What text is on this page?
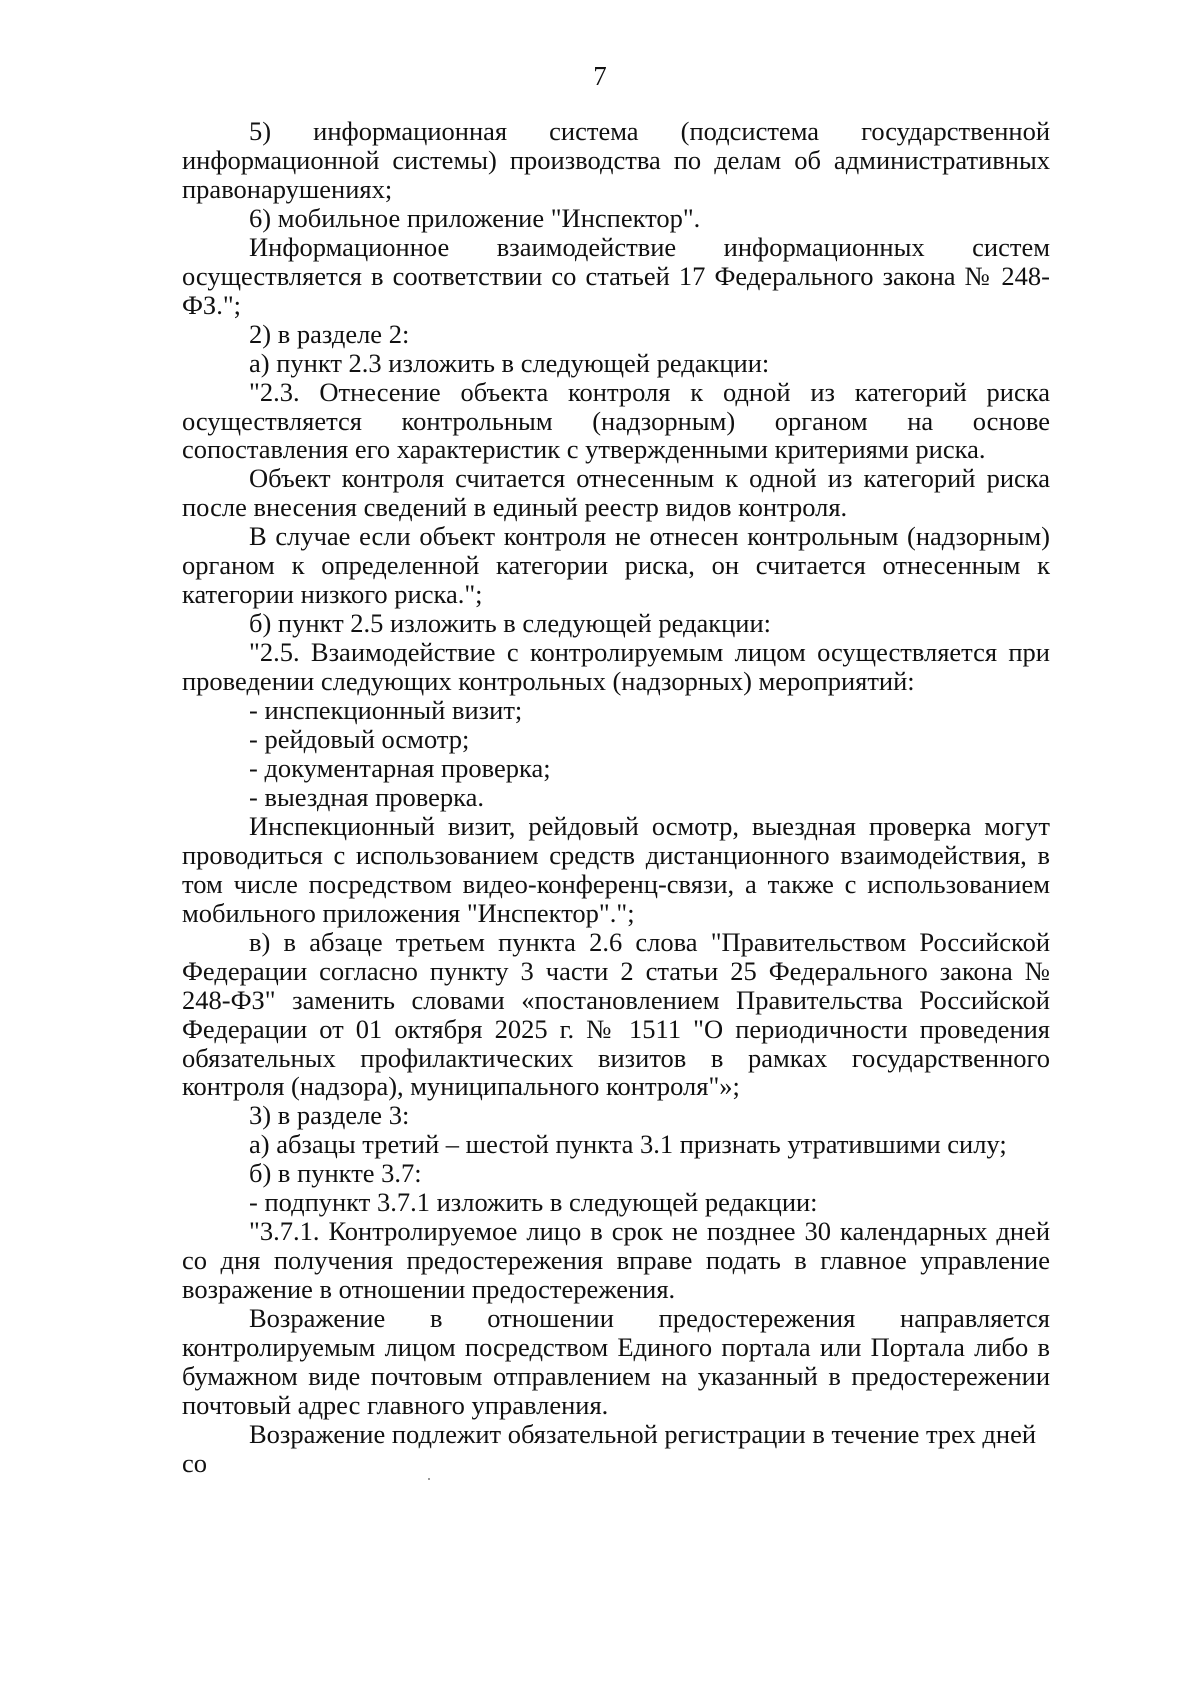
7

5) информационная система (подсистема государственной информационной системы) производства по делам об административных правонарушениях;

6) мобильное приложение "Инспектор".

Информационное взаимодействие информационных систем осуществляется в соответствии со статьей 17 Федерального закона № 248-ФЗ.";

2) в разделе 2:

а) пункт 2.3 изложить в следующей редакции:

"2.3. Отнесение объекта контроля к одной из категорий риска осуществляется контрольным (надзорным) органом на основе сопоставления его характеристик с утвержденными критериями риска.

Объект контроля считается отнесенным к одной из категорий риска после внесения сведений в единый реестр видов контроля.

В случае если объект контроля не отнесен контрольным (надзорным) органом к определенной категории риска, он считается отнесенным к категории низкого риска.";

б) пункт 2.5 изложить в следующей редакции:

"2.5. Взаимодействие с контролируемым лицом осуществляется при проведении следующих контрольных (надзорных) мероприятий:

- инспекционный визит;

- рейдовый осмотр;

- документарная проверка;

- выездная проверка.

Инспекционный визит, рейдовый осмотр, выездная проверка могут проводиться с использованием средств дистанционного взаимодействия, в том числе посредством видео-конференц-связи, а также с использованием мобильного приложения "Инспектор".";

в) в абзаце третьем пункта 2.6 слова "Правительством Российской Федерации согласно пункту 3 части 2 статьи 25 Федерального закона № 248-ФЗ" заменить словами «постановлением Правительства Российской Федерации от 01 октября 2025 г. № 1511 "О периодичности проведения обязательных профилактических визитов в рамках государственного контроля (надзора), муниципального контроля"»;

3) в разделе 3:

а) абзацы третий – шестой пункта 3.1 признать утратившими силу;

б) в пункте 3.7:

- подпункт 3.7.1 изложить в следующей редакции:

"3.7.1. Контролируемое лицо в срок не позднее 30 календарных дней со дня получения предостережения вправе подать в главное управление возражение в отношении предостережения.

Возражение в отношении предостережения направляется контролируемым лицом посредством Единого портала или Портала либо в бумажном виде почтовым отправлением на указанный в предостережении почтовый адрес главного управления.

Возражение подлежит обязательной регистрации в течение трех дней со
